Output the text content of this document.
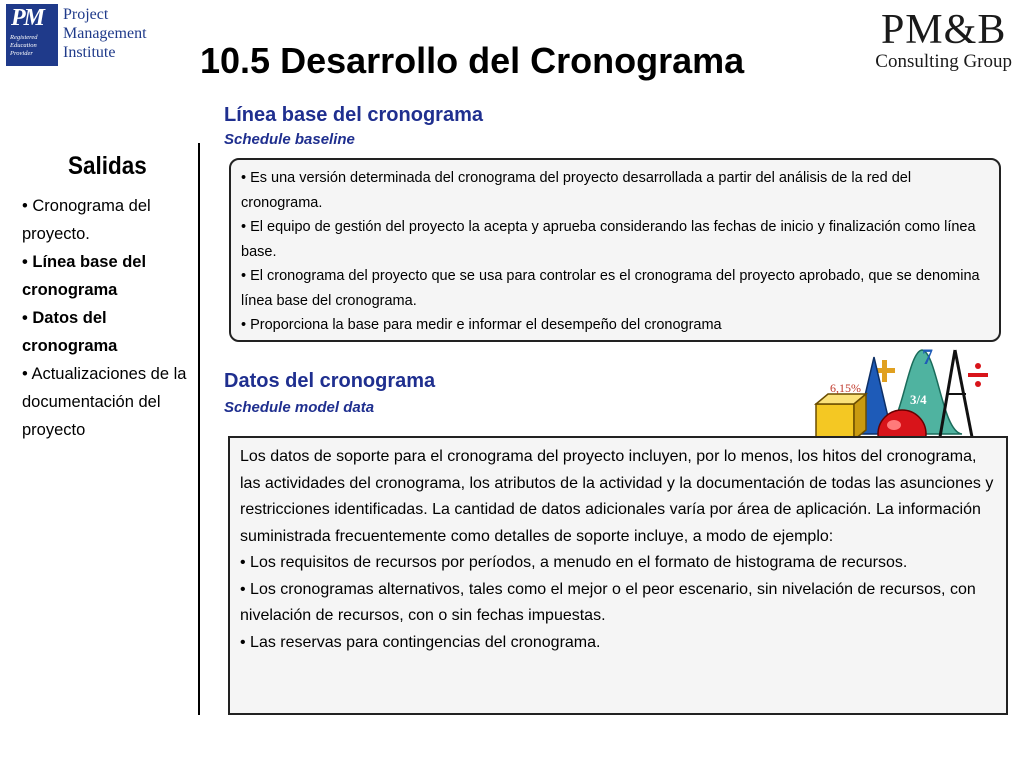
PM
Registered
Education
Provider
Project
Management
Institute	10.5 Desarrollo del Cronograma
PM&B
Consulting Group
Salidas
• Cronograma del proyecto.
• Línea base del cronograma
• Datos del cronograma
• Actualizaciones de la documentación del proyecto
Línea base del cronograma
Schedule baseline
• Es una versión determinada del cronograma del proyecto desarrollada a partir del análisis de la red del cronograma.
• El equipo de gestión del proyecto la acepta y aprueba considerando las fechas de inicio y finalización como línea base.
• El cronograma del proyecto que se usa para controlar es el cronograma del proyecto aprobado, que se denomina línea base del cronograma.
• Proporciona la base para medir e informar el desempeño del cronograma
Datos del cronograma
Schedule model data
6,15%
7
3/4

Los datos de soporte para el cronograma del proyecto incluyen, por lo menos, los hitos del cronograma, las actividades del cronograma, los atributos de la actividad y la documentación de todas las asunciones y restricciones identificadas. La cantidad de datos adicionales varía por área de aplicación. La información suministrada frecuentemente como detalles de soporte incluye, a modo de ejemplo:

• Los requisitos de recursos por períodos, a menudo en el formato de histograma de recursos.
• Los cronogramas alternativos, tales como el mejor o el peor escenario, sin nivelación de recursos, con nivelación de recursos, con o sin fechas impuestas.
• Las reservas para contingencias del cronograma.
